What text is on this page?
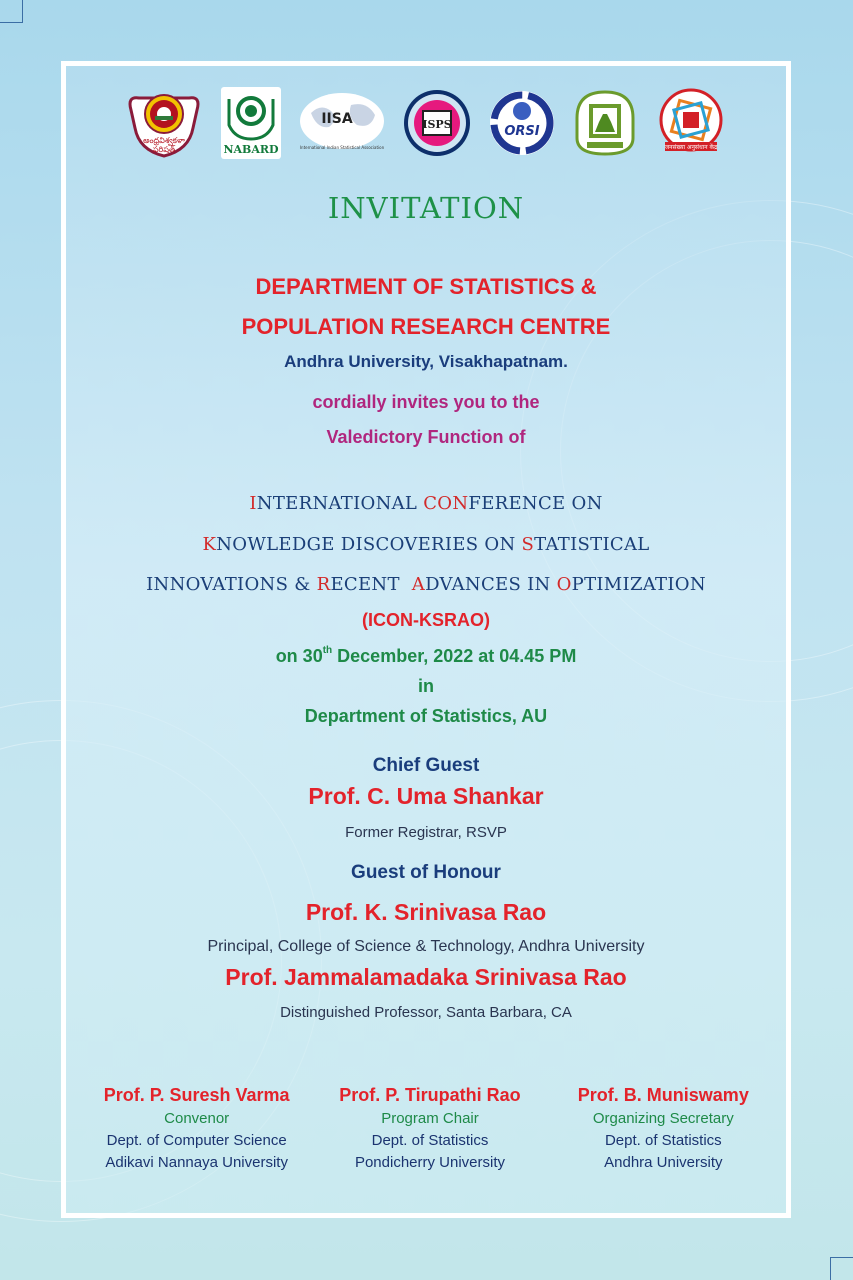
అంధ్రవిశ్వకళా
పరిషత్	NABARD
IISA
International Indian Statistical Association
ISPS	ORSI
जनसंख्या अनुसंधान केंद्र
INVITATION
DEPARTMENT OF STATISTICS &
POPULATION RESEARCH CENTRE
Andhra University, Visakhapatnam.
cordially invites you to the
Valedictory Function of
INTERNATIONAL CONFERENCE ON
KNOWLEDGE DISCOVERIES ON STATISTICAL
INNOVATIONS & RECENT  ADVANCES IN OPTIMIZATION
(ICON-KSRAO)
on 30th December, 2022 at 04.45 PM
in
Department of Statistics, AU
Chief Guest
Prof. C. Uma Shankar
Former Registrar, RSVP
Guest of Honour
Prof. K. Srinivasa Rao
Principal, College of Science & Technology, Andhra University
Prof. Jammalamadaka Srinivasa Rao
Distinguished Professor, Santa Barbara, CA
Prof. P. Suresh Varma
Convenor
Dept. of Computer Science
Adikavi Nannaya University
Prof. P. Tirupathi Rao
Program Chair
Dept. of Statistics
Pondicherry University
Prof. B. Muniswamy
Organizing Secretary
Dept. of Statistics
Andhra University
